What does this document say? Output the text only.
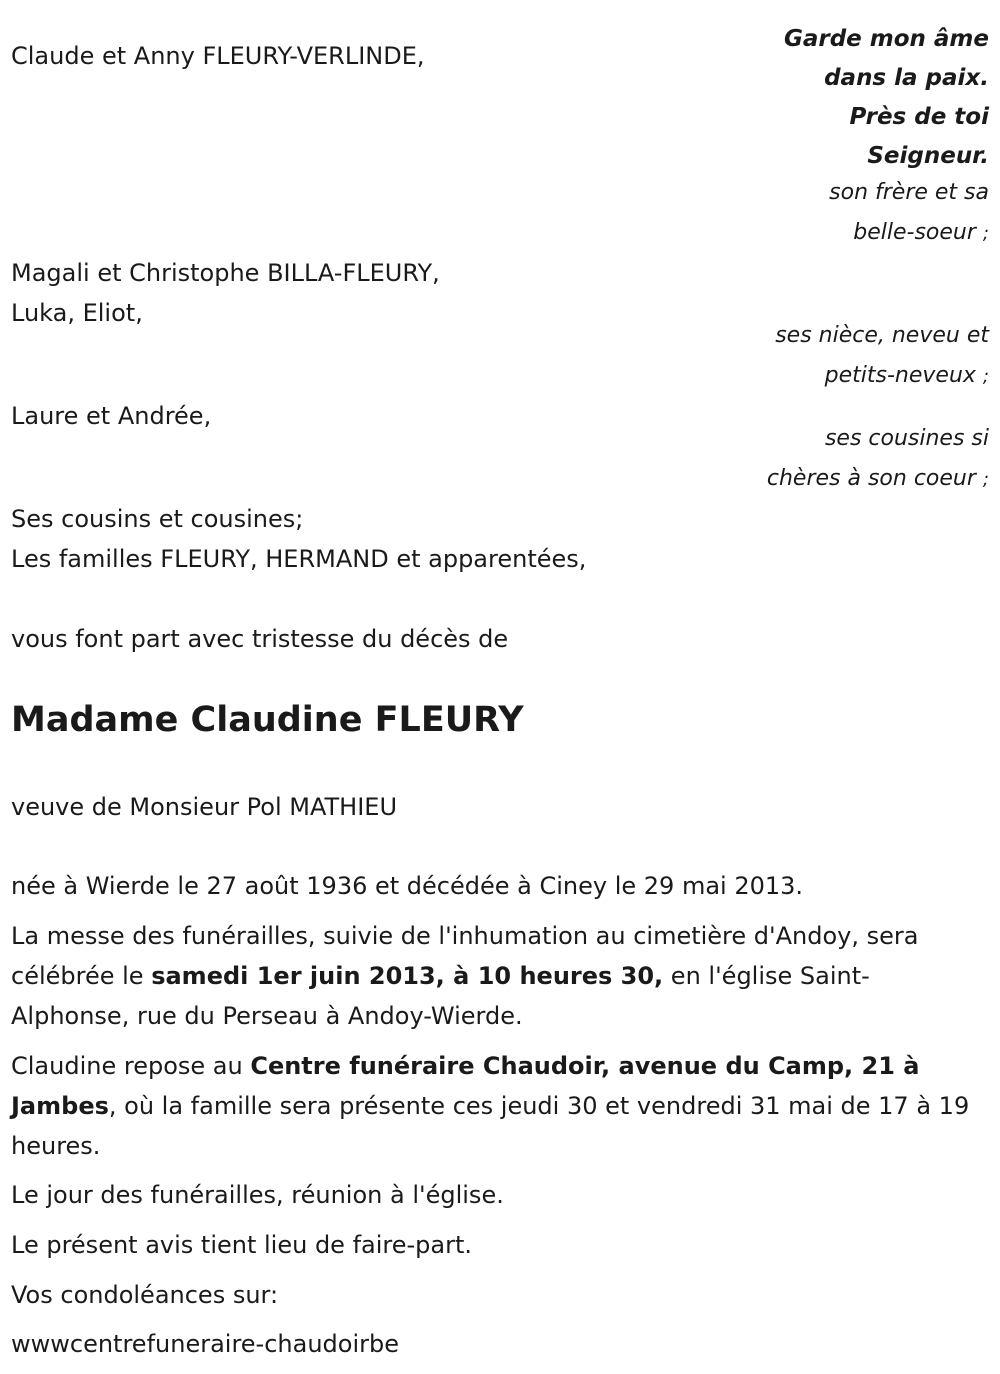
Garde mon âme
dans la paix.
Près de toi
Seigneur.
son frère et sa
belle-soeur ;
ses nièce, neveu et
petits-neveux ;
ses cousines si
chères à son coeur ;

Claude et Anny FLEURY-VERLINDE,

Magali et Christophe BILLA-FLEURY,

Luka, Eliot,

Laure et Andrée,

Ses cousins et cousines;

Les familles FLEURY, HERMAND et apparentées,

vous font part avec tristesse du décès de

Madame Claudine FLEURY

veuve de Monsieur Pol MATHIEU

née à Wierde le 27 août 1936 et décédée à Ciney le 29 mai 2013.

La messe des funérailles, suivie de l'inhumation au cimetière d'Andoy, sera célébrée le samedi 1er juin 2013, à 10 heures 30, en l'église Saint-Alphonse, rue du Perseau à Andoy-Wierde.

Claudine repose au Centre funéraire Chaudoir, avenue du Camp, 21 à Jambes, où la famille sera présente ces jeudi 30 et vendredi 31 mai de 17 à 19 heures.

Le jour des funérailles, réunion à l'église.

Le présent avis tient lieu de faire-part.

Vos condoléances sur:

wwwcentrefuneraire-chaudoirbe
